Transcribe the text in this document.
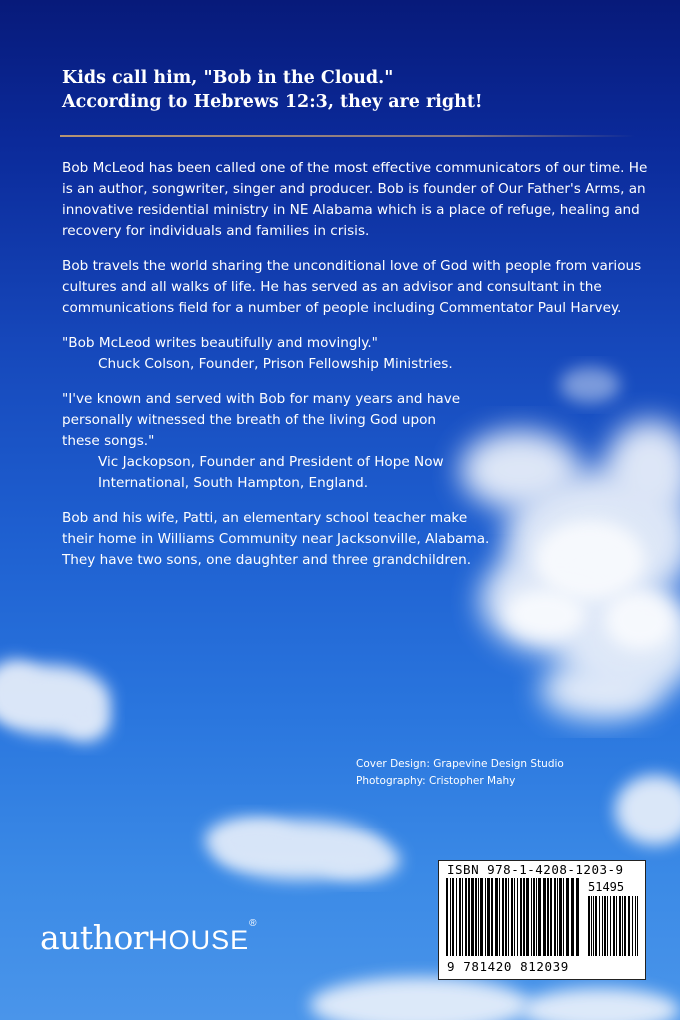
Kids call him, "Bob in the Cloud."
According to Hebrews 12:3, they are right!

Bob McLeod has been called one of the most effective communicators of our time. He is an author, songwriter, singer and producer. Bob is founder of Our Father's Arms, an innovative residential ministry in NE Alabama which is a place of refuge, healing and recovery for individuals and families in crisis.

Bob travels the world sharing the unconditional love of God with people from various cultures and all walks of life. He has served as an advisor and consultant in the communications field for a number of people including Commentator Paul Harvey.

"Bob McLeod writes beautifully and movingly."

Chuck Colson, Founder, Prison Fellowship Ministries.

"I've known and served with Bob for many years and have personally witnessed the breath of the living God upon these songs."

Vic Jackopson, Founder and President of Hope Now International, South Hampton, England.

Bob and his wife, Patti, an elementary school teacher make their home in Williams Community near Jacksonville, Alabama. They have two sons, one daughter and three grandchildren.

Cover Design: Grapevine Design Studio
Photography: Cristopher Mahy
authorHOUSE®
ISBN 978-1-4208-1203-9
51495
9 781420 812039
